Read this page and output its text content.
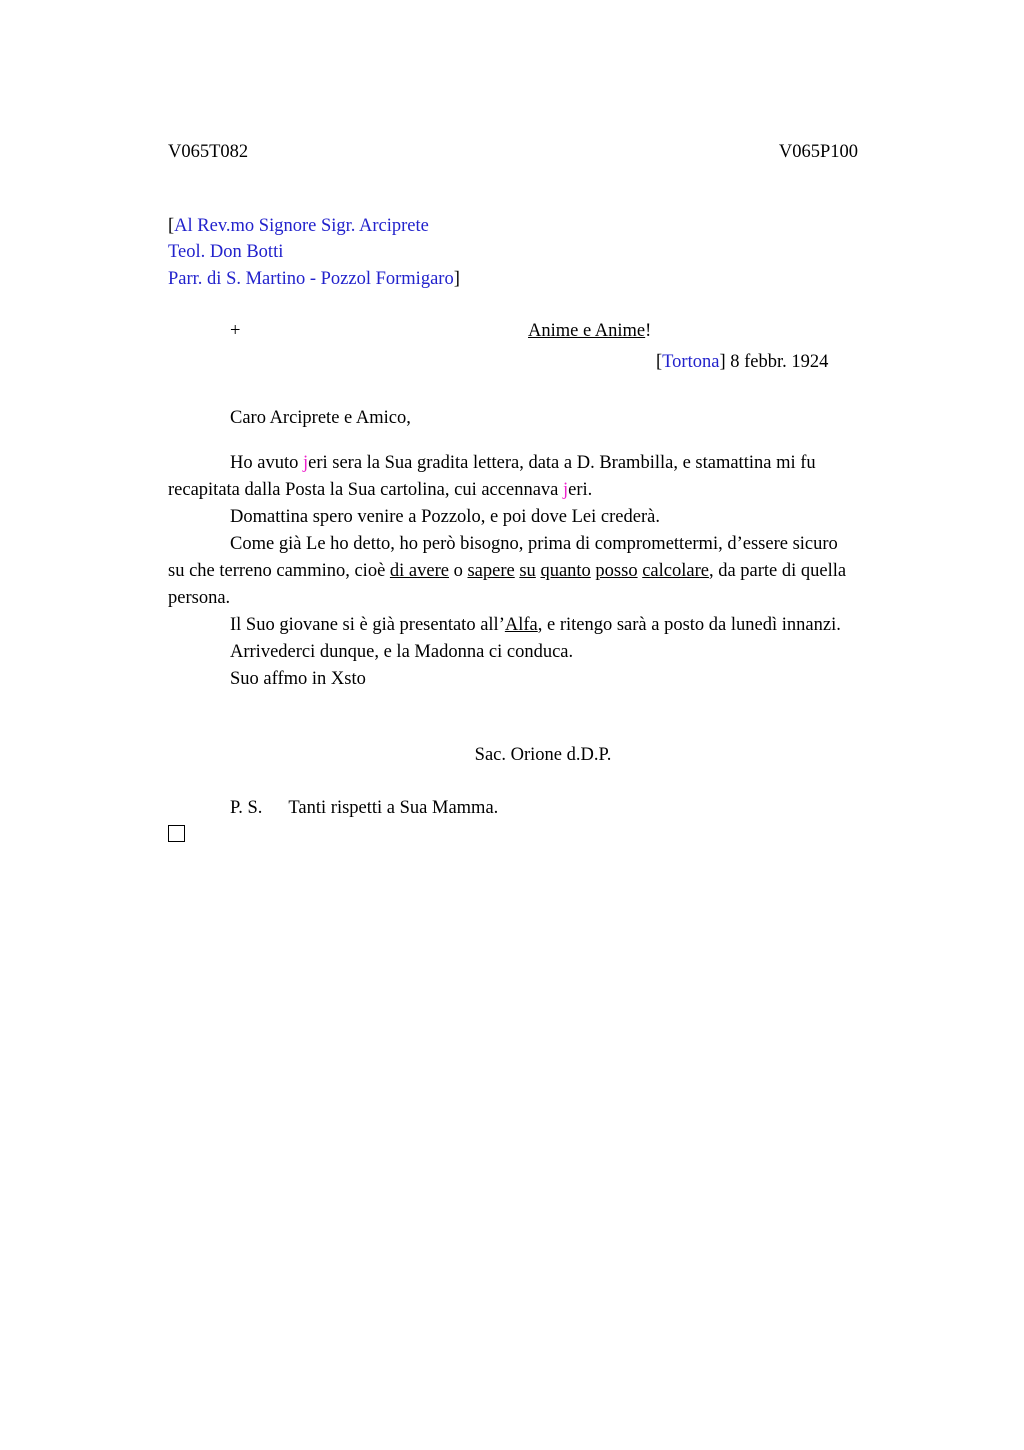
V065T082	V065P100
[Al Rev.mo Signore Sigr. Arciprete
Teol. Don Botti
Parr. di S. Martino - Pozzol Formigaro]
+	Anime e Anime!
[Tortona] 8 febbr. 1924

Caro Arciprete e Amico,

Ho avuto jeri sera la Sua gradita lettera, data a D. Brambilla, e stamattina mi fu recapitata dalla Posta la Sua cartolina, cui accennava jeri.

Domattina spero venire a Pozzolo, e poi dove Lei crederà.

Come già Le ho detto, ho però bisogno, prima di compromettermi, d’essere sicuro su che terreno cammino, cioè di avere o sapere su quanto posso calcolare, da parte di quella persona.

Il Suo giovane si è già presentato all’Alfa, e ritengo sarà a posto da lunedì innanzi.

Arrivederci dunque, e la Madonna ci conduca.

Suo affmo in Xsto

Sac. Orione d.D.P.
P. S. Tanti rispetti a Sua Mamma.
